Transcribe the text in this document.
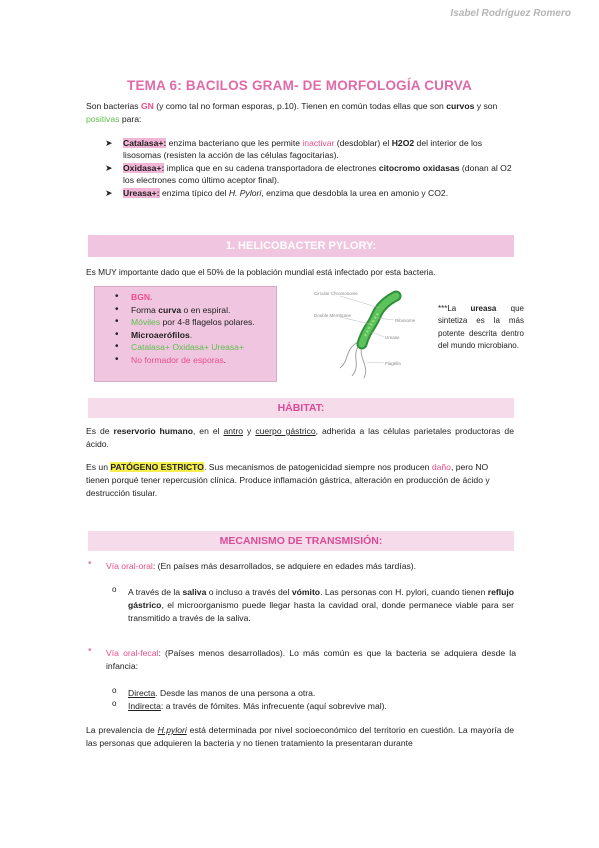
Isabel Rodríguez Romero
TEMA 6: BACILOS GRAM- DE MORFOLOGÍA CURVA
Son bacterias GN (y como tal no forman esporas, p.10). Tienen en común todas ellas que son curvos y son positivas para:
➤ Catalasa+: enzima bacteriano que les permite inactivar (desdoblar) el H2O2 del interior de los lisosomas (resisten la acción de las células fagocitarias).
➤ Oxidasa+: implica que en su cadena transportadora de electrones citocromo oxidasas (donan al O2 los electrones como último aceptor final).
➤ Ureasa+: enzima típico del H. Pylori, enzima que desdobla la urea en amonio y CO2.
1. HELICOBACTER PYLORY:
Es MUY importante dado que el 50% de la población mundial está infectado por esta bacteria.
• BGN.
• Forma curva o en espiral.
• Móviles por 4-8 flagelos polares.
• Microaerófilos.
• Catalasa+ Oxidasa+ Ureasa+
• No formador de esporas.
Circular Chromosome
Double Membrane
Ribosome
Urease
Flagella
***La ureasa que sintetiza es la más potente descrita dentro del mundo microbiano.
HÁBITAT:
Es de reservorio humano, en el antro y cuerpo gástrico, adherida a las células parietales productoras de ácido.
Es un PATÓGENO ESTRICTO. Sus mecanismos de patogenicidad siempre nos producen daño, pero NO tienen porqué tener repercusión clínica. Produce inflamación gástrica, alteración en producción de ácido y destrucción tisular.
MECANISMO DE TRANSMISIÓN:
• Vía oral-oral: (En países más desarrollados, se adquiere en edades más tardías).
o A través de la saliva o incluso a través del vómito. Las personas con H. pylori, cuando tienen reflujo gástrico, el microorganismo puede llegar hasta la cavidad oral, donde permanece viable para ser transmitido a través de la saliva.
• Vía oral-fecal: (Países menos desarrollados). Lo más común es que la bacteria se adquiera desde la infancia:
o Directa. Desde las manos de una persona a otra.
o Indirecta: a través de fómites. Más infrecuente (aquí sobrevive mal).
La prevalencia de H.pylori está determinada por nivel socioeconómico del territorio en cuestión. La mayoría de las personas que adquieren la bacteria y no tienen tratamiento la presentaran durante
